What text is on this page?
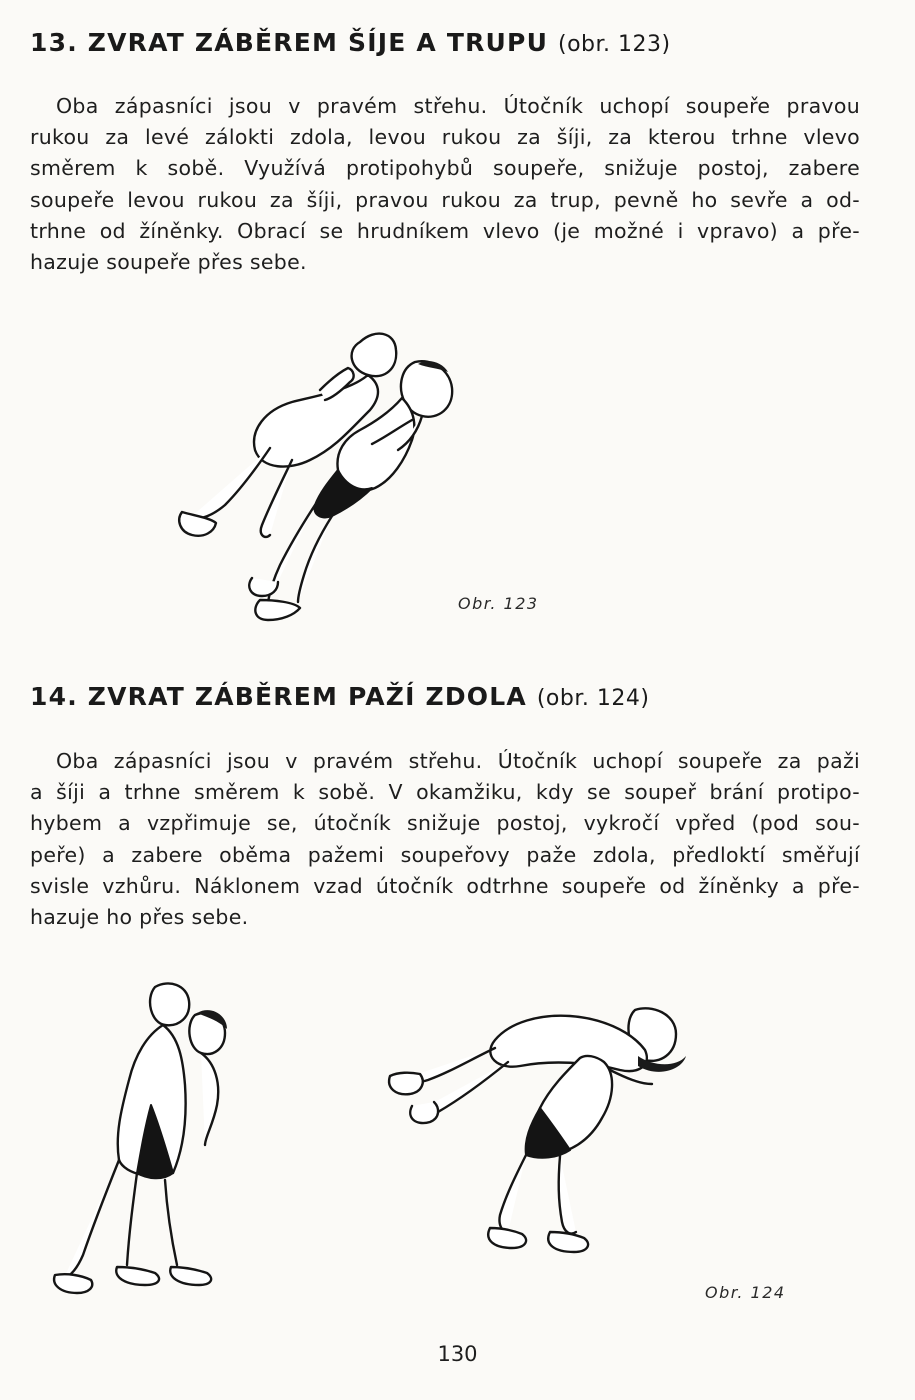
13. ZVRAT ZÁBĚREM ŠÍJE A TRUPU (obr. 123)
Oba zápasníci jsou v pravém střehu. Útočník uchopí soupeře pravou
rukou za levé zálokti zdola, levou rukou za šíji, za kterou trhne vlevo
směrem k sobě. Využívá protipohybů soupeře, snižuje postoj, zabere
soupeře levou rukou za šíji, pravou rukou za trup, pevně ho sevře a od-
trhne od žíněnky. Obrací se hrudníkem vlevo (je možné i vpravo) a pře-
hazuje soupeře přes sebe.
Obr. 123
14. ZVRAT ZÁBĚREM PAŽÍ ZDOLA (obr. 124)
Oba zápasníci jsou v pravém střehu. Útočník uchopí soupeře za paži
a šíji a trhne směrem k sobě. V okamžiku, kdy se soupeř brání protipo-
hybem a vzpřimuje se, útočník snižuje postoj, vykročí vpřed (pod sou-
peře) a zabere oběma pažemi soupeřovy paže zdola, předloktí směřují
svisle vzhůru. Náklonem vzad útočník odtrhne soupeře od žíněnky a pře-
hazuje ho přes sebe.
Obr. 124
130
